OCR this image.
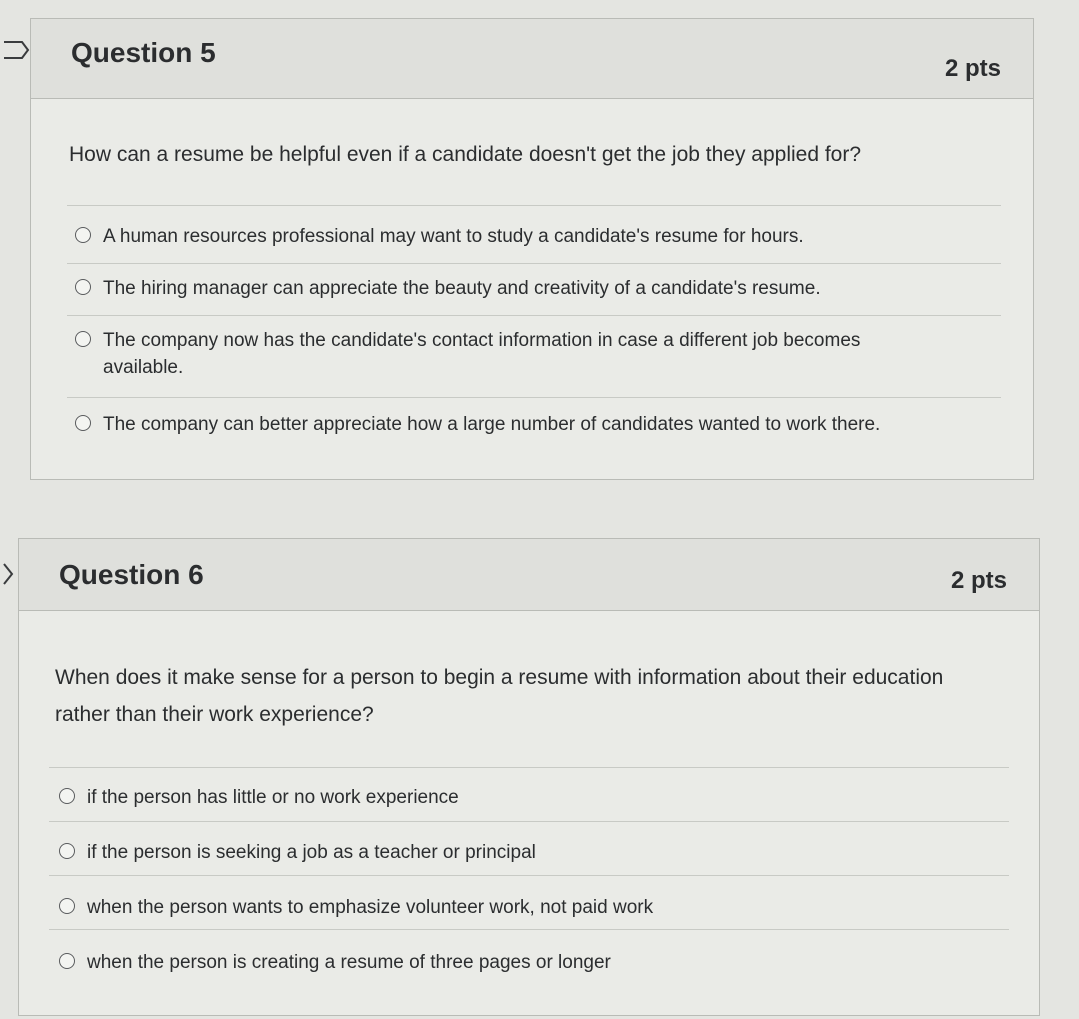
Question 5
2 pts
How can a resume be helpful even if a candidate doesn't get the job they applied for?
A human resources professional may want to study a candidate's resume for hours.
The hiring manager can appreciate the beauty and creativity of a candidate's resume.
The company now has the candidate's contact information in case a different job becomes available.
The company can better appreciate how a large number of candidates wanted to work there.
Question 6	2 pts
When does it make sense for a person to begin a resume with information about their education rather than their work experience?
if the person has little or no work experience
if the person is seeking a job as a teacher or principal
when the person wants to emphasize volunteer work, not paid work
when the person is creating a resume of three pages or longer
